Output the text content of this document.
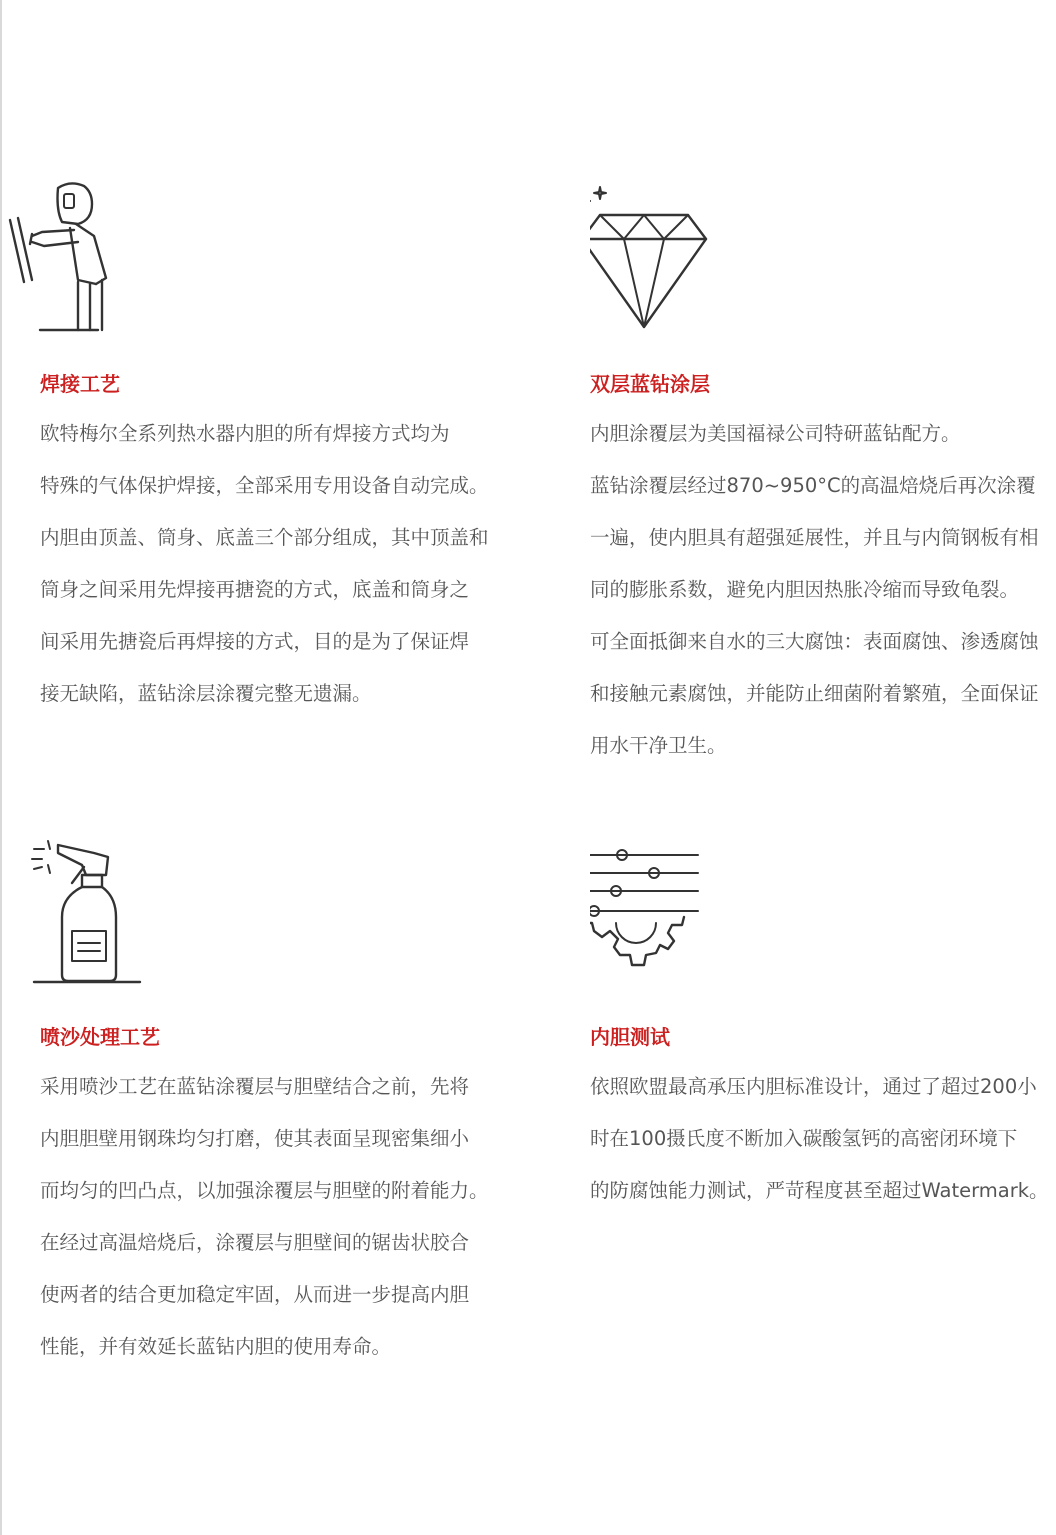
焊接工艺
欧特梅尔全系列热水器内胆的所有焊接方式均为
特殊的气体保护焊接，全部采用专用设备自动完成。
内胆由顶盖、筒身、底盖三个部分组成，其中顶盖和
筒身之间采用先焊接再搪瓷的方式，底盖和筒身之
间采用先搪瓷后再焊接的方式，目的是为了保证焊
接无缺陷，蓝钻涂层涂覆完整无遗漏。
双层蓝钻涂层
内胆涂覆层为美国福禄公司特研蓝钻配方。
蓝钻涂覆层经过870~950°C的高温焙烧后再次涂覆
一遍，使内胆具有超强延展性，并且与内筒钢板有相
同的膨胀系数，避免内胆因热胀冷缩而导致龟裂。
可全面抵御来自水的三大腐蚀：表面腐蚀、渗透腐蚀
和接触元素腐蚀，并能防止细菌附着繁殖，全面保证
用水干净卫生。
喷沙处理工艺
采用喷沙工艺在蓝钻涂覆层与胆壁结合之前，先将
内胆胆壁用钢珠均匀打磨，使其表面呈现密集细小
而均匀的凹凸点，以加强涂覆层与胆壁的附着能力。
在经过高温焙烧后，涂覆层与胆壁间的锯齿状胶合
使两者的结合更加稳定牢固，从而进一步提高内胆
性能，并有效延长蓝钻内胆的使用寿命。
内胆测试
依照欧盟最高承压内胆标准设计，通过了超过200小
时在100摄氏度不断加入碳酸氢钙的高密闭环境下
的防腐蚀能力测试，严苛程度甚至超过Watermark。
